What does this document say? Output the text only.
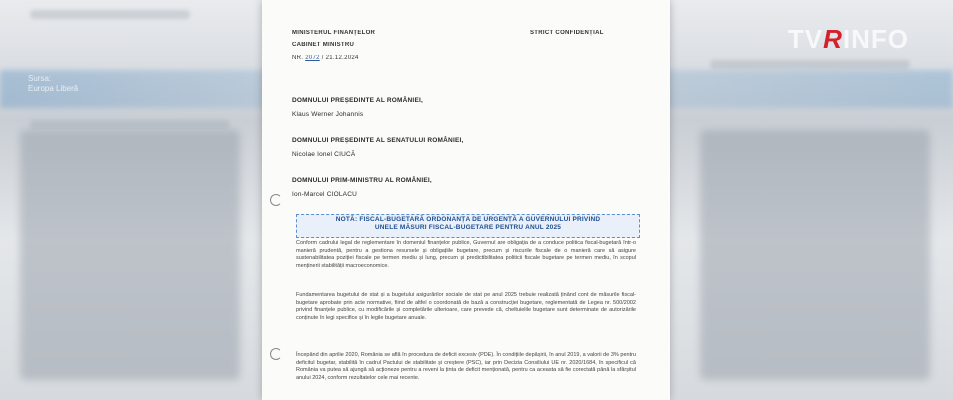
Sursa:
Europa Liberă
TVRINFO
MINISTERUL FINANȚELOR	STRICT CONFIDENȚIAL
CABINET MINISTRU
NR. 2072 / 21.12.2024
DOMNULUI PREȘEDINTE AL ROMÂNIEI,
Klaus Werner Johannis
DOMNULUI PREȘEDINTE AL SENATULUI ROMÂNIEI,
Nicolae Ionel CIUCĂ
DOMNULUI PRIM-MINISTRU AL ROMÂNIEI,
Ion-Marcel CIOLACU
NOTĂ: FISCAL-BUGETARĂ ORDONANȚA DE URGENȚĂ A GUVERNULUI PRIVIND
UNELE MĂSURI FISCAL-BUGETARE PENTRU ANUL 2025
Conform cadrului legal de reglementare în domeniul finanțelor publice, Guvernul are obligația de a conduce politica fiscal-bugetară într-o manieră prudentă, pentru a gestiona resursele și obligațiile bugetare, precum și riscurile fiscale de o manieră care să asigure sustenabilitatea poziției fiscale pe termen mediu și lung, precum și predictibilitatea politicii fiscale bugetare pe termen mediu, în scopul menținerii stabilității macroeconomice.
Fundamentarea bugetului de stat și a bugetului asigurărilor sociale de stat pe anul 2025 trebuie realizată ținând cont de măsurile fiscal-bugetare aprobate prin acte normative, fiind de altfel o coordonată de bază a construcției bugetare, reglementată de Legea nr. 500/2002 privind finanțele publice, cu modificările și completările ulterioare, care prevede că, cheltuielile bugetare sunt determinate de autorizările conținute în legi specifice și în legile bugetare anuale.
Începând din aprilie 2020, România se află în procedura de deficit excesiv (PDE). În condițiile depășirii, în anul 2019, a valorii de 3% pentru deficitul bugetar, stabilită în cadrul Pactului de stabilitate și creștere (PSC), iar prin Decizia Consiliului UE nr. 2020/1684, în specificul că România va putea să ajungă să acționeze pentru a reveni la ținta de deficit menționată, pentru ca aceasta să fie corectată până la sfârșitul anului 2024, conform rezultatelor cele mai recente.
